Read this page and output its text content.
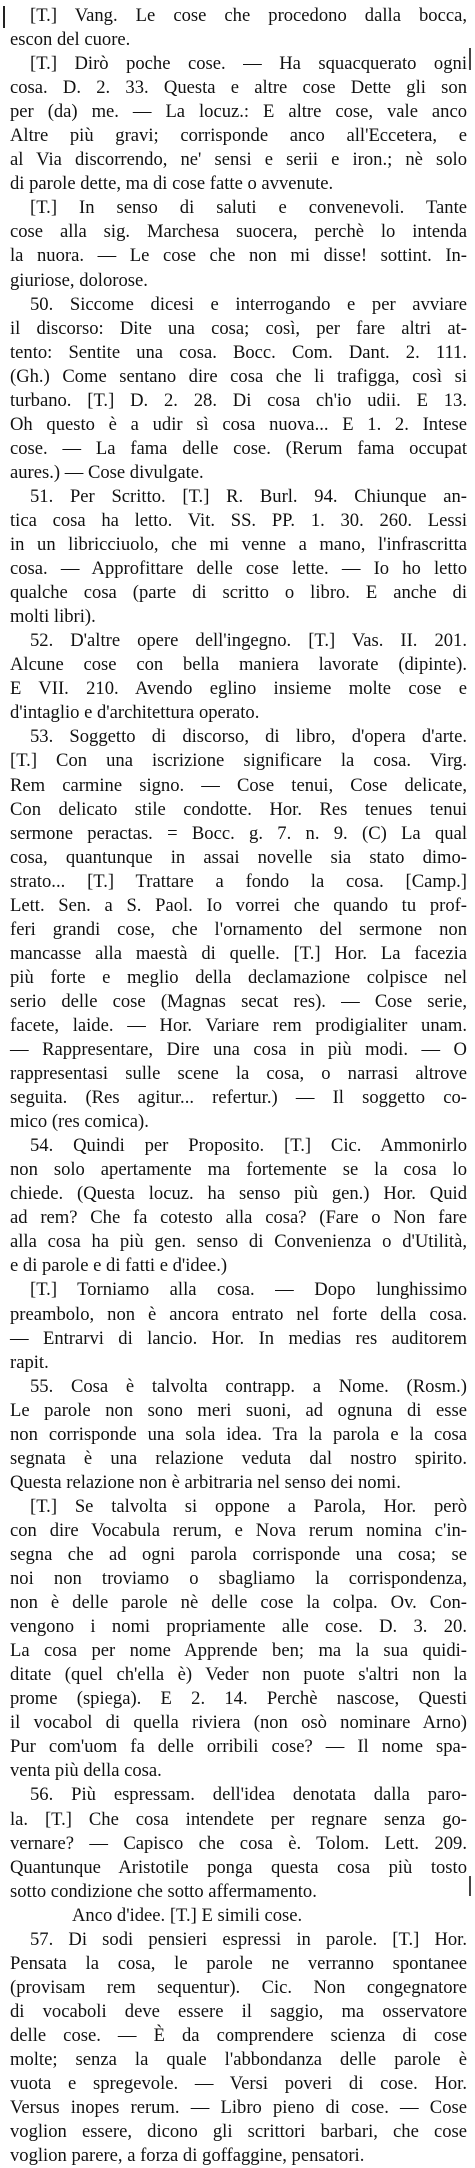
[T.] Vang. Le cose che procedono dalla bocca,
escon del cuore.
[T.] Dirò poche cose. — Ha squacquerato ogni
cosa. D. 2. 33. Questa e altre cose Dette gli son
per (da) me. — La locuz.: E altre cose, vale anco
Altre più gravi; corrisponde anco all'Eccetera, e
al Via discorrendo, ne' sensi e serii e iron.; nè solo
di parole dette, ma di cose fatte o avvenute.
[T.] In senso di saluti e convenevoli. Tante
cose alla sig. Marchesa suocera, perchè lo intenda
la nuora. — Le cose che non mi disse! sottint. In-
giuriose, dolorose.
50. Siccome dicesi e interrogando e per avviare
il discorso: Dite una cosa; così, per fare altri at-
tento: Sentite una cosa. Bocc. Com. Dant. 2. 111.
(Gh.) Come sentano dire cosa che li trafigga, così si
turbano. [T.] D. 2. 28. Di cosa ch'io udii. E 13.
Oh questo è a udir sì cosa nuova... E 1. 2. Intese
cose. — La fama delle cose. (Rerum fama occupat
aures.) — Cose divulgate.
51. Per Scritto. [T.] R. Burl. 94. Chiunque an-
tica cosa ha letto. Vit. SS. PP. 1. 30. 260. Lessi
in un libricciuolo, che mi venne a mano, l'infrascritta
cosa. — Approfittare delle cose lette. — Io ho letto
qualche cosa (parte di scritto o libro. E anche di
molti libri).
52. D'altre opere dell'ingegno. [T.] Vas. II. 201.
Alcune cose con bella maniera lavorate (dipinte).
E VII. 210. Avendo eglino insieme molte cose e
d'intaglio e d'architettura operato.
53. Soggetto di discorso, di libro, d'opera d'arte.
[T.] Con una iscrizione significare la cosa. Virg.
Rem carmine signo. — Cose tenui, Cose delicate,
Con delicato stile condotte. Hor. Res tenues tenui
sermone peractas. = Bocc. g. 7. n. 9. (C) La qual
cosa, quantunque in assai novelle sia stato dimo-
strato... [T.] Trattare a fondo la cosa. [Camp.]
Lett. Sen. a S. Paol. Io vorrei che quando tu prof-
feri grandi cose, che l'ornamento del sermone non
mancasse alla maestà di quelle. [T.] Hor. La facezia
più forte e meglio della declamazione colpisce nel
serio delle cose (Magnas secat res). — Cose serie,
facete, laide. — Hor. Variare rem prodigialiter unam.
— Rappresentare, Dire una cosa in più modi. — O
rappresentasi sulle scene la cosa, o narrasi altrove
seguita. (Res agitur... refertur.) — Il soggetto co-
mico (res comica).
54. Quindi per Proposito. [T.] Cic. Ammonirlo
non solo apertamente ma fortemente se la cosa lo
chiede. (Questa locuz. ha senso più gen.) Hor. Quid
ad rem? Che fa cotesto alla cosa? (Fare o Non fare
alla cosa ha più gen. senso di Convenienza o d'Utilità,
e di parole e di fatti e d'idee.)
[T.] Torniamo alla cosa. — Dopo lunghissimo
preambolo, non è ancora entrato nel forte della cosa.
— Entrarvi di lancio. Hor. In medias res auditorem
rapit.
55. Cosa è talvolta contrapp. a Nome. (Rosm.)
Le parole non sono meri suoni, ad ognuna di esse
non corrisponde una sola idea. Tra la parola e la cosa
segnata è una relazione veduta dal nostro spirito.
Questa relazione non è arbitraria nel senso dei nomi.
[T.] Se talvolta si oppone a Parola, Hor. però
con dire Vocabula rerum, e Nova rerum nomina c'in-
segna che ad ogni parola corrisponde una cosa; se
noi non troviamo o sbagliamo la corrispondenza,
non è delle parole nè delle cose la colpa. Ov. Con-
vengono i nomi propriamente alle cose. D. 3. 20.
La cosa per nome Apprende ben; ma la sua quidi-
ditate (quel ch'ella è) Veder non puote s'altri non la
prome (spiega). E 2. 14. Perchè nascose, Questi
il vocabol di quella riviera (non osò nominare Arno)
Pur com'uom fa delle orribili cose? — Il nome spa-
venta più della cosa.
56. Più espressam. dell'idea denotata dalla paro-
la. [T.] Che cosa intendete per regnare senza go-
vernare? — Capisco che cosa è. Tolom. Lett. 209.
Quantunque Aristotile ponga questa cosa più tosto
sotto condizione che sotto affermamento.
Anco d'idee. [T.] E simili cose.
57. Di sodi pensieri espressi in parole. [T.] Hor.
Pensata la cosa, le parole ne verranno spontanee
(provisam rem sequentur). Cic. Non congegnatore
di vocaboli deve essere il saggio, ma osservatore
delle cose. — È da comprendere scienza di cose
molte; senza la quale l'abbondanza delle parole è
vuota e spregevole. — Versi poveri di cose. Hor.
Versus inopes rerum. — Libro pieno di cose. — Cose
voglion essere, dicono gli scrittori barbari, che cose
voglion parere, a forza di goffaggine, pensatori.
